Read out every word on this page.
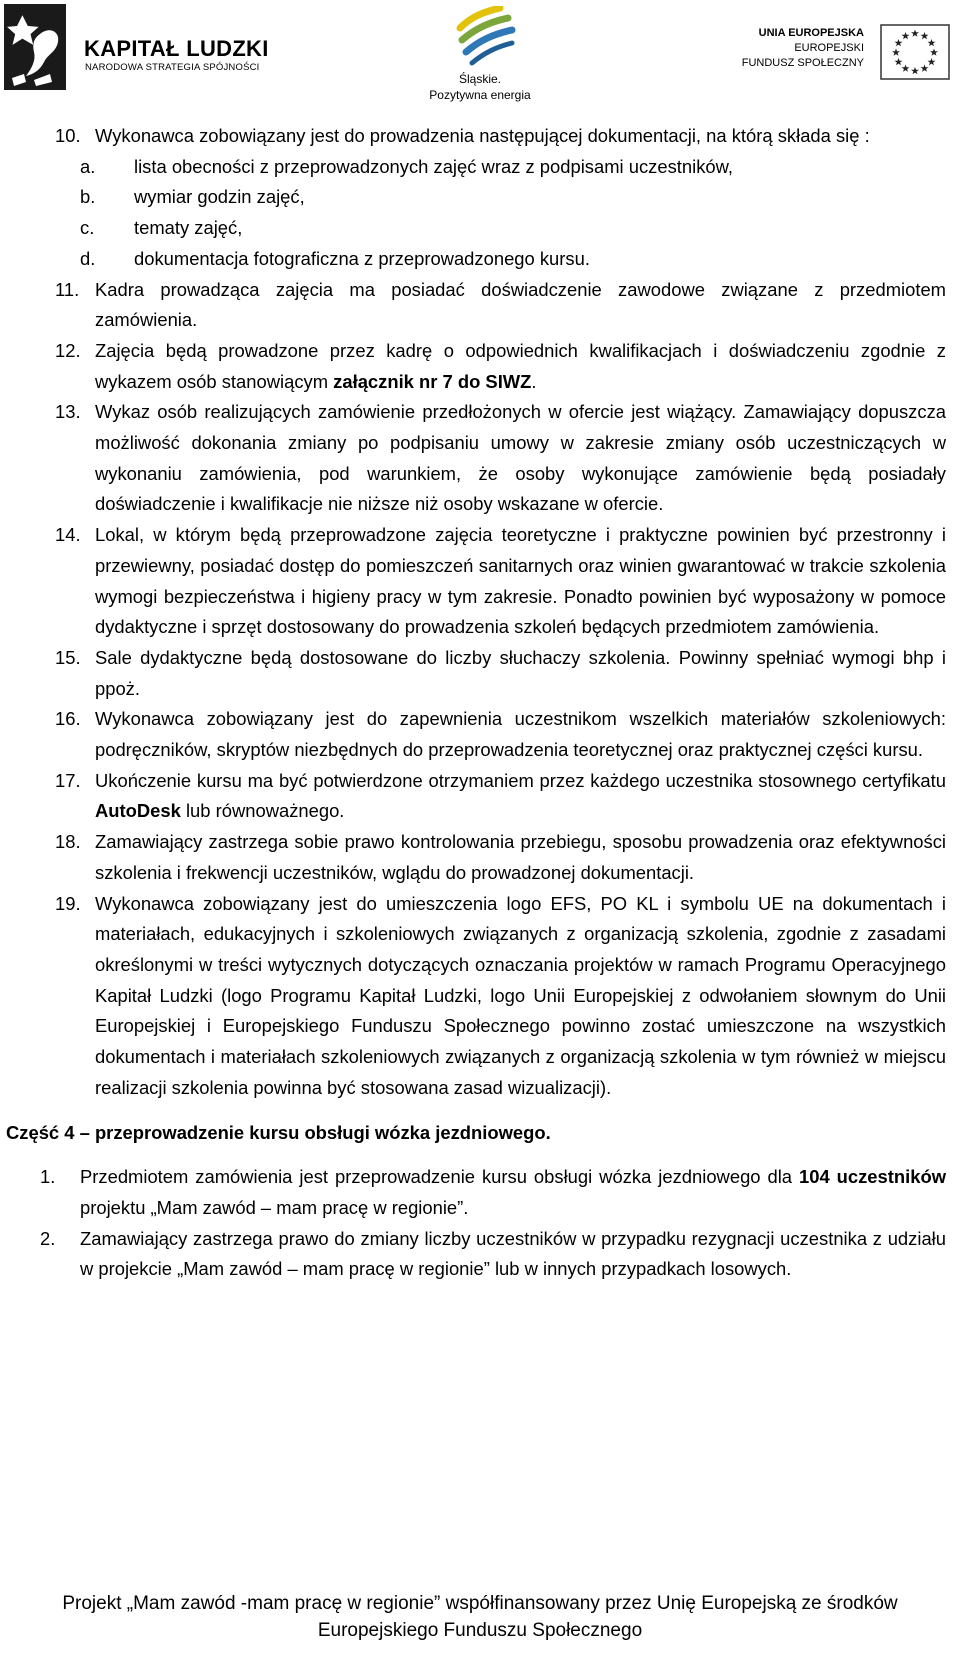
KAPITAŁ LUDZKI
NARODOWA STRATEGIA SPÓJNOŚCI
Śląskie.
Pozytywna energia
UNIA EUROPEJSKA
EUROPEJSKI
FUNDUSZ SPOŁECZNY
10. Wykonawca zobowiązany jest do prowadzenia następującej dokumentacji, na którą składa się :
a. lista obecności z przeprowadzonych zajęć wraz z podpisami uczestników,
b. wymiar godzin zajęć,
c. tematy zajęć,
d. dokumentacja fotograficzna z przeprowadzonego kursu.
11. Kadra prowadząca zajęcia ma posiadać doświadczenie zawodowe związane z przedmiotem zamówienia.
12. Zajęcia będą prowadzone przez kadrę o odpowiednich kwalifikacjach i doświadczeniu zgodnie z wykazem osób stanowiącym załącznik nr 7 do SIWZ.
13. Wykaz osób realizujących zamówienie przedłożonych w ofercie jest wiążący. Zamawiający dopuszcza możliwość dokonania zmiany po podpisaniu umowy w zakresie zmiany osób uczestniczących w wykonaniu zamówienia, pod warunkiem, że osoby wykonujące zamówienie będą posiadały doświadczenie i kwalifikacje nie niższe niż osoby wskazane w ofercie.
14. Lokal, w którym będą przeprowadzone zajęcia teoretyczne i praktyczne powinien być przestronny i przewiewny, posiadać dostęp do pomieszczeń sanitarnych oraz winien gwarantować w trakcie szkolenia wymogi bezpieczeństwa i higieny pracy w tym zakresie. Ponadto powinien być wyposażony w pomoce dydaktyczne i sprzęt dostosowany do prowadzenia szkoleń będących przedmiotem zamówienia.
15. Sale dydaktyczne będą dostosowane do liczby słuchaczy szkolenia. Powinny spełniać wymogi bhp i ppoż.
16. Wykonawca zobowiązany jest do zapewnienia uczestnikom wszelkich materiałów szkoleniowych: podręczników, skryptów niezbędnych do przeprowadzenia teoretycznej oraz praktycznej części kursu.
17. Ukończenie kursu ma być potwierdzone otrzymaniem przez każdego uczestnika stosownego certyfikatu AutoDesk lub równoważnego.
18. Zamawiający zastrzega sobie prawo kontrolowania przebiegu, sposobu prowadzenia oraz efektywności szkolenia i frekwencji uczestników, wglądu do prowadzonej dokumentacji.
19. Wykonawca zobowiązany jest do umieszczenia logo EFS, PO KL i symbolu UE na dokumentach i materiałach, edukacyjnych i szkoleniowych związanych z organizacją szkolenia, zgodnie z zasadami określonymi w treści wytycznych dotyczących oznaczania projektów w ramach Programu Operacyjnego Kapitał Ludzki (logo Programu Kapitał Ludzki, logo Unii Europejskiej z odwołaniem słownym do Unii Europejskiej i Europejskiego Funduszu Społecznego powinno zostać umieszczone na wszystkich dokumentach i materiałach szkoleniowych związanych z organizacją szkolenia w tym również w miejscu realizacji szkolenia powinna być stosowana zasad wizualizacji).
Część 4 – przeprowadzenie kursu obsługi wózka jezdniowego.
1. Przedmiotem zamówienia jest przeprowadzenie kursu obsługi wózka jezdniowego dla 104 uczestników projektu „Mam zawód – mam pracę w regionie”.
2. Zamawiający zastrzega prawo do zmiany liczby uczestników w przypadku rezygnacji uczestnika z udziału w projekcie „Mam zawód – mam pracę w regionie” lub w innych przypadkach losowych.
Projekt „Mam zawód -mam pracę w regionie” współfinansowany przez Unię Europejską ze środków
Europejskiego Funduszu Społecznego
